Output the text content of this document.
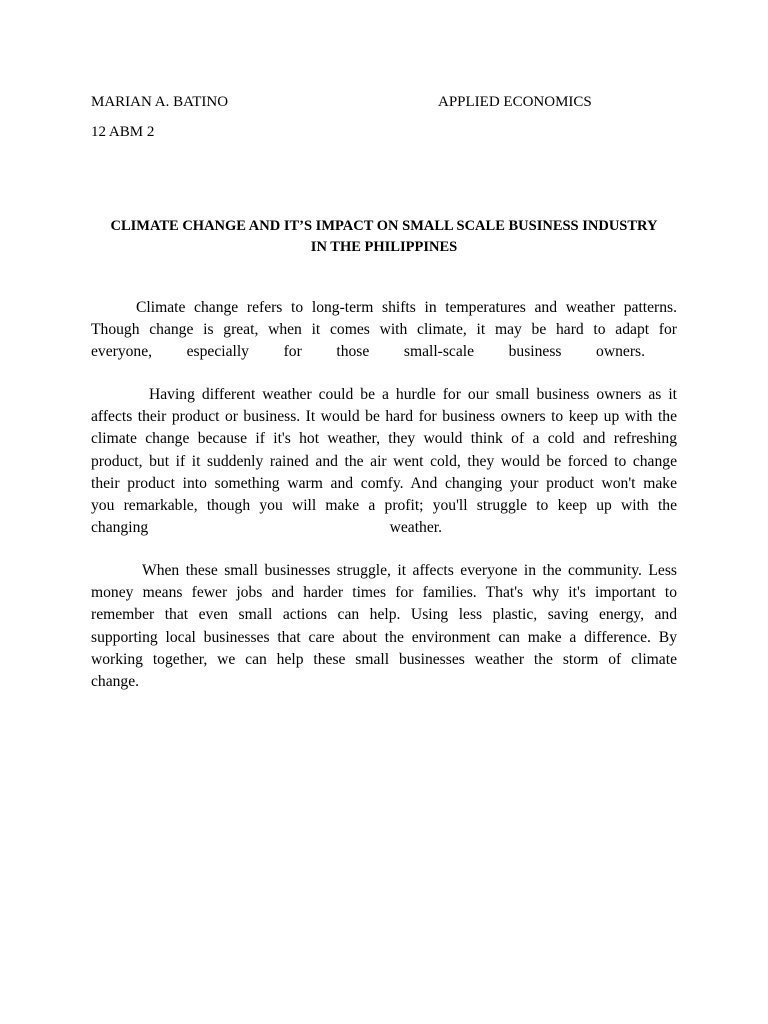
MARIAN A. BATINO	APPLIED ECONOMICS
12 ABM 2
CLIMATE CHANGE AND IT’S IMPACT ON SMALL SCALE BUSINESS INDUSTRY
IN THE PHILIPPINES
Climate change refers to long-term shifts in temperatures and weather patterns.
Though change is great, when it comes with climate, it may be hard to adapt for
everyone, especially for those small-scale business owners.
Having different weather could be a hurdle for our small business owners as it
affects their product or business. It would be hard for business owners to keep up with the
climate change because if it's hot weather, they would think of a cold and refreshing
product, but if it suddenly rained and the air went cold, they would be forced to change
their product into something warm and comfy. And changing your product won't make
you remarkable, though you will make a profit; you'll struggle to keep up with the
changing weather.
When these small businesses struggle, it affects everyone in the community. Less
money means fewer jobs and harder times for families. That's why it's important to
remember that even small actions can help. Using less plastic, saving energy, and
supporting local businesses that care about the environment can make a difference. By
working together, we can help these small businesses weather the storm of climate
change.
